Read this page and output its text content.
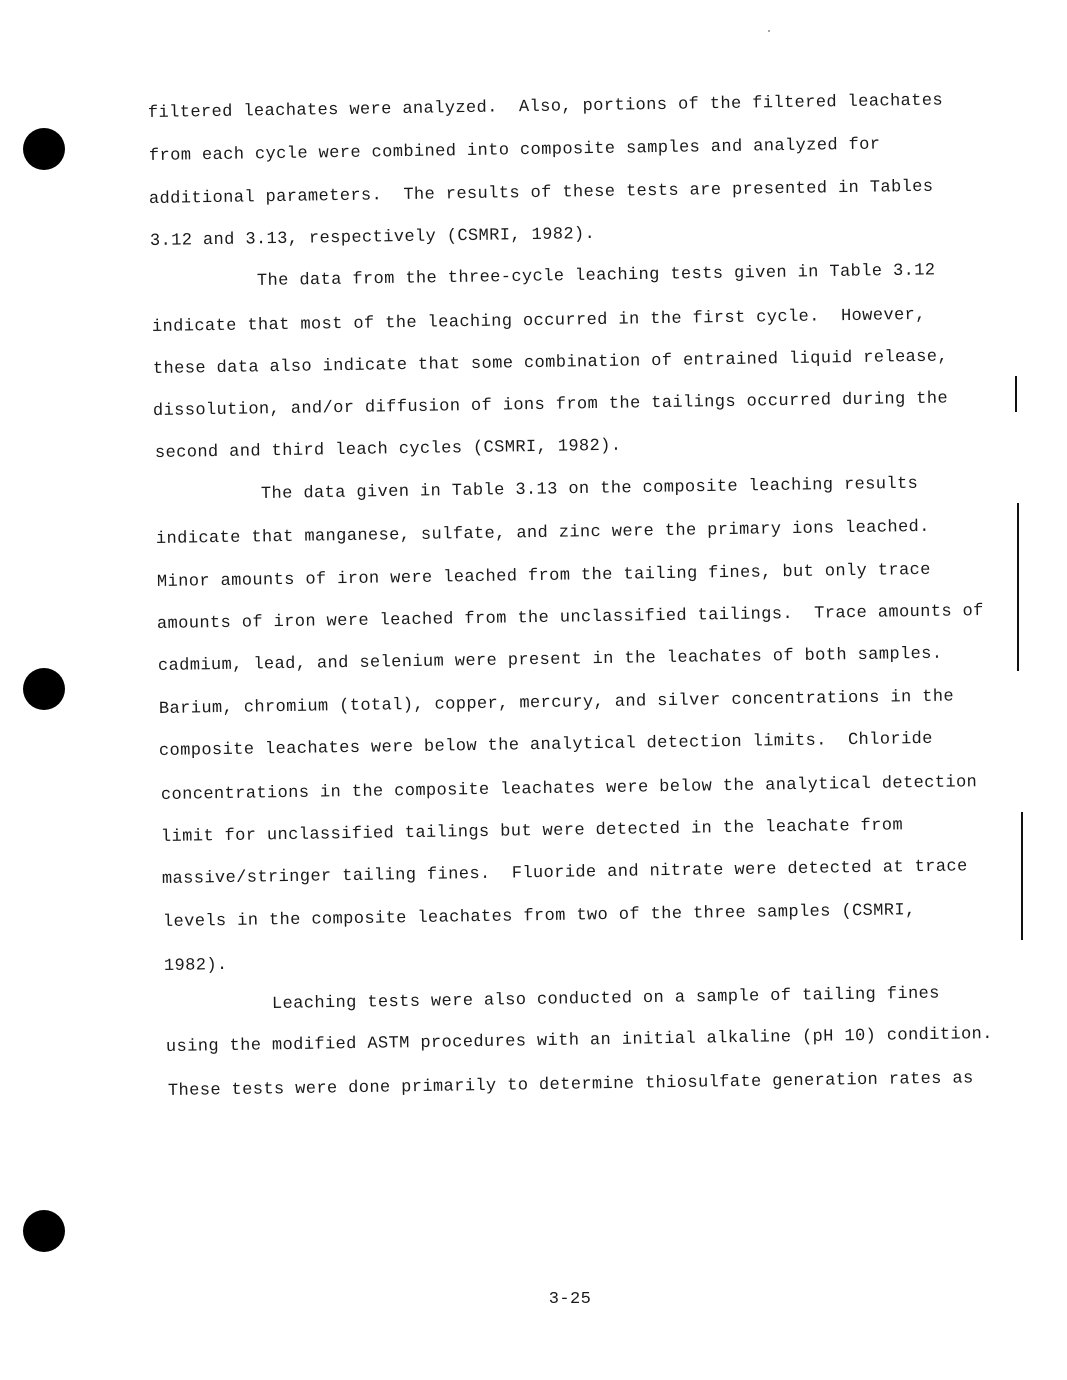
filtered leachates were analyzed.  Also, portions of the filtered leachates
from each cycle were combined into composite samples and analyzed for
additional parameters.  The results of these tests are presented in Tables
3.12 and 3.13, respectively (CSMRI, 1982).
The data from the three-cycle leaching tests given in Table 3.12
indicate that most of the leaching occurred in the first cycle.  However,
these data also indicate that some combination of entrained liquid release,
dissolution, and/or diffusion of ions from the tailings occurred during the
second and third leach cycles (CSMRI, 1982).
The data given in Table 3.13 on the composite leaching results
indicate that manganese, sulfate, and zinc were the primary ions leached.
Minor amounts of iron were leached from the tailing fines, but only trace
amounts of iron were leached from the unclassified tailings.  Trace amounts of
cadmium, lead, and selenium were present in the leachates of both samples.
Barium, chromium (total), copper, mercury, and silver concentrations in the
composite leachates were below the analytical detection limits.  Chloride
concentrations in the composite leachates were below the analytical detection
limit for unclassified tailings but were detected in the leachate from
massive/stringer tailing fines.  Fluoride and nitrate were detected at trace
levels in the composite leachates from two of the three samples (CSMRI,
1982).
Leaching tests were also conducted on a sample of tailing fines
using the modified ASTM procedures with an initial alkaline (pH 10) condition.
These tests were done primarily to determine thiosulfate generation rates as
3-25
